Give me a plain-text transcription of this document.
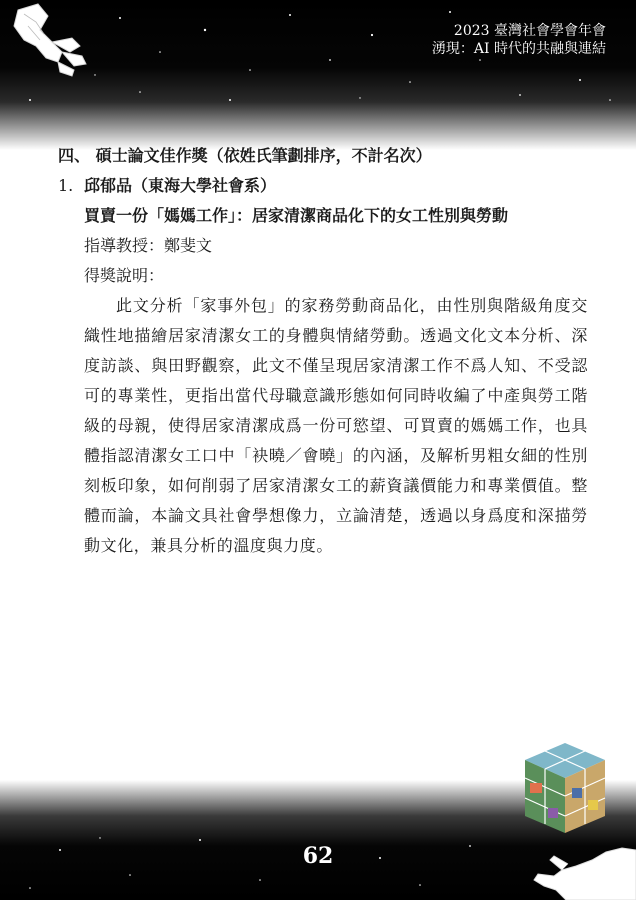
2023 臺灣社會學會年會
湧現：AI 時代的共融與連結
四、 碩士論文佳作獎（依姓氏筆劃排序，不計名次）
1. 邱郁品（東海大學社會系）
買賣一份「媽媽工作」：居家清潔商品化下的女工性別與勞動
指導教授：鄭斐文
得獎說明：

此文分析「家事外包」的家務勞動商品化，由性別與階級角度交織性地描繪居家清潔女工的身體與情緒勞動。透過文化文本分析、深度訪談、與田野觀察，此文不僅呈現居家清潔工作不爲人知、不受認可的專業性，更指出當代母職意識形態如何同時收編了中產與勞工階級的母親，使得居家清潔成爲一份可慾望、可買賣的媽媽工作，也具體指認清潔女工口中「袂曉／會曉」的內涵，及解析男粗女細的性別刻板印象，如何削弱了居家清潔女工的薪資議價能力和專業價值。整體而論，本論文具社會學想像力，立論清楚，透過以身爲度和深描勞動文化，兼具分析的溫度與力度。

62
